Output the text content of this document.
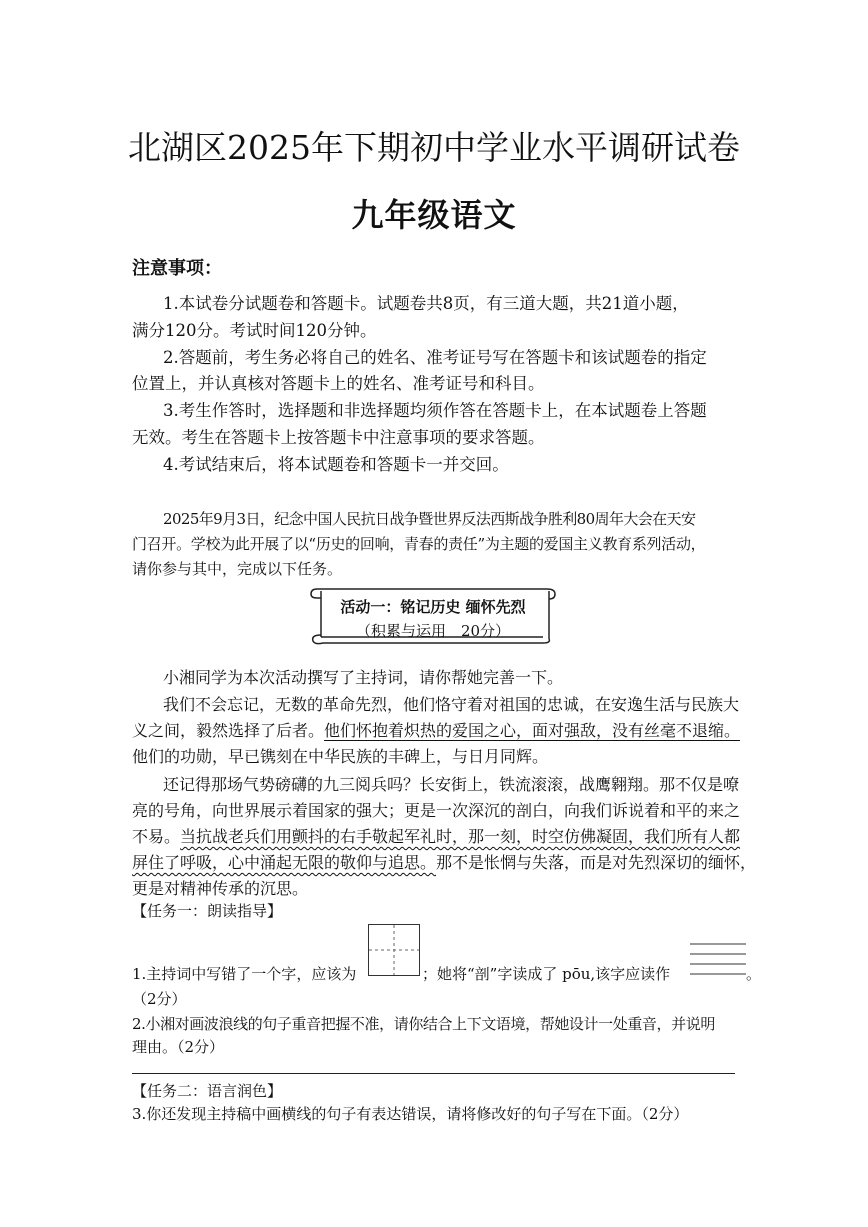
北湖区2025年下期初中学业水平调研试卷
九年级语文
注意事项：
1.本试卷分试题卷和答题卡。试题卷共8页，有三道大题，共21道小题，
满分120分。考试时间120分钟。
2.答题前，考生务必将自己的姓名、准考证号写在答题卡和该试题卷的指定
位置上，并认真核对答题卡上的姓名、准考证号和科目。
3.考生作答时，选择题和非选择题均须作答在答题卡上，在本试题卷上答题
无效。考生在答题卡上按答题卡中注意事项的要求答题。
4.考试结束后，将本试题卷和答题卡一并交回。
2025年9月3日，纪念中国人民抗日战争暨世界反法西斯战争胜利80周年大会在天安
门召开。学校为此开展了以“历史的回响，青春的责任”为主题的爱国主义教育系列活动，
请你参与其中，完成以下任务。
活动一：铭记历史 缅怀先烈
（积累与运用　20分）
小湘同学为本次活动撰写了主持词，请你帮她完善一下。
我们不会忘记，无数的革命先烈，他们恪守着对祖国的忠诚，在安逸生活与民族大
义之间，毅然选择了后者。他们怀抱着炽热的爱国之心，面对强敌，没有丝毫不退缩。
他们的功勋，早已镌刻在中华民族的丰碑上，与日月同辉。
还记得那场气势磅礴的九三阅兵吗？长安街上，铁流滚滚，战鹰翱翔。那不仅是嘹
亮的号角，向世界展示着国家的强大；更是一次深沉的剖白，向我们诉说着和平的来之
不易。当抗战老兵们用颤抖的右手敬起军礼时，那一刻，时空仿佛凝固，我们所有人都
屏住了呼吸，心中涌起无限的敬仰与追思。那不是怅惘与失落，而是对先烈深切的缅怀，
更是对精神传承的沉思。
【任务一：朗读指导】
1.主持词中写错了一个字，应该为	；她将“剖”字读成了 pōu,该字应读作	。
（2分）
2.小湘对画波浪线的句子重音把握不准，请你结合上下文语境，帮她设计一处重音，并说明
理由。（2分）
【任务二：语言润色】
3.你还发现主持稿中画横线的句子有表达错误，请将修改好的句子写在下面。（2分）
